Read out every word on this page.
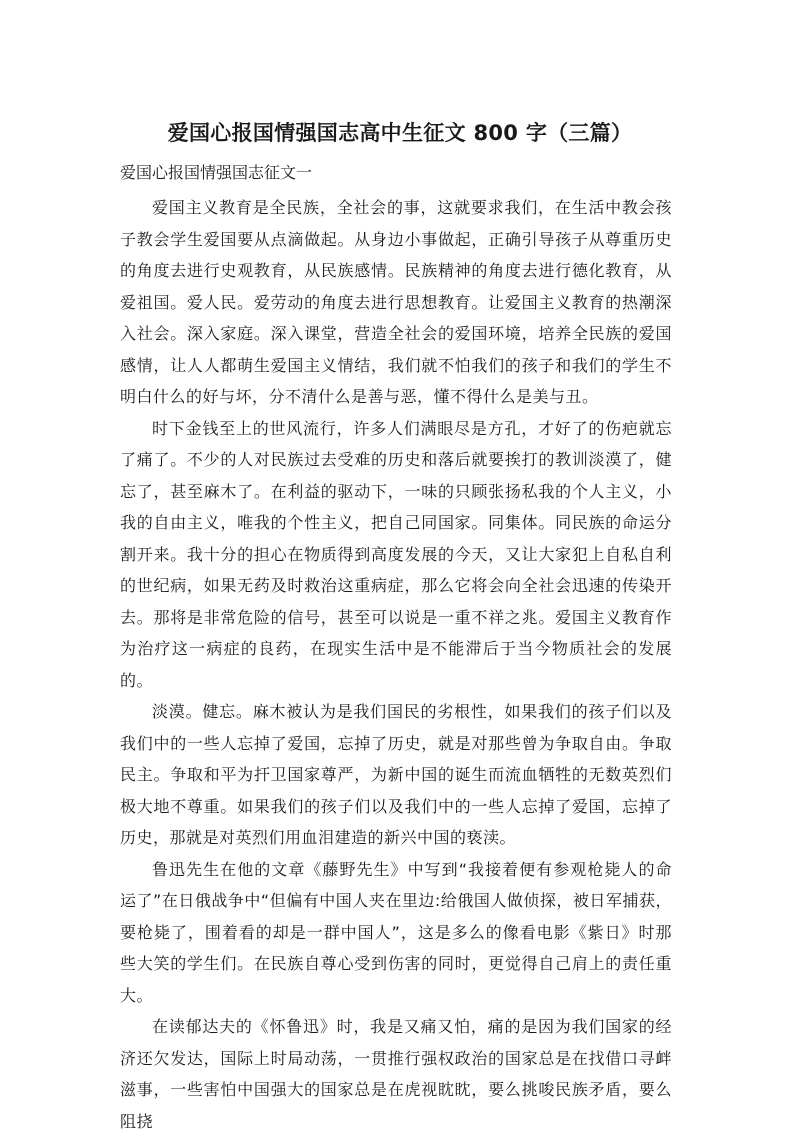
爱国心报国情强国志高中生征文 800 字（三篇）
爱国心报国情强国志征文一

爱国主义教育是全民族，全社会的事，这就要求我们，在生活中教会孩子教会学生爱国要从点滴做起。从身边小事做起，正确引导孩子从尊重历史的角度去进行史观教育，从民族感情。民族精神的角度去进行德化教育，从爱祖国。爱人民。爱劳动的角度去进行思想教育。让爱国主义教育的热潮深入社会。深入家庭。深入课堂，营造全社会的爱国环境，培养全民族的爱国感情，让人人都萌生爱国主义情结，我们就不怕我们的孩子和我们的学生不明白什么的好与坏，分不清什么是善与恶，懂不得什么是美与丑。

时下金钱至上的世风流行，许多人们满眼尽是方孔，才好了的伤疤就忘了痛了。不少的人对民族过去受难的历史和落后就要挨打的教训淡漠了，健忘了，甚至麻木了。在利益的驱动下，一味的只顾张扬私我的个人主义，小我的自由主义，唯我的个性主义，把自己同国家。同集体。同民族的命运分割开来。我十分的担心在物质得到高度发展的今天，又让大家犯上自私自利的世纪病，如果无药及时救治这重病症，那么它将会向全社会迅速的传染开去。那将是非常危险的信号，甚至可以说是一重不祥之兆。爱国主义教育作为治疗这一病症的良药，在现实生活中是不能滞后于当今物质社会的发展的。

淡漠。健忘。麻木被认为是我们国民的劣根性，如果我们的孩子们以及我们中的一些人忘掉了爱国，忘掉了历史，就是对那些曾为争取自由。争取民主。争取和平为扞卫国家尊严，为新中国的诞生而流血牺牲的无数英烈们极大地不尊重。如果我们的孩子们以及我们中的一些人忘掉了爱国，忘掉了历史，那就是对英烈们用血泪建造的新兴中国的亵渎。

鲁迅先生在他的文章《藤野先生》中写到“我接着便有参观枪毙人的命运了”在日俄战争中“但偏有中国人夹在里边:给俄国人做侦探，被日军捕获，要枪毙了，围着看的却是一群中国人”，这是多么的像看电影《紫日》时那些大笑的学生们。在民族自尊心受到伤害的同时，更觉得自己肩上的责任重大。

在读郁达夫的《怀鲁迅》时，我是又痛又怕，痛的是因为我们国家的经济还欠发达，国际上时局动荡，一贯推行强权政治的国家总是在找借口寻衅滋事，一些害怕中国强大的国家总是在虎视眈眈，要么挑唆民族矛盾，要么阻挠
